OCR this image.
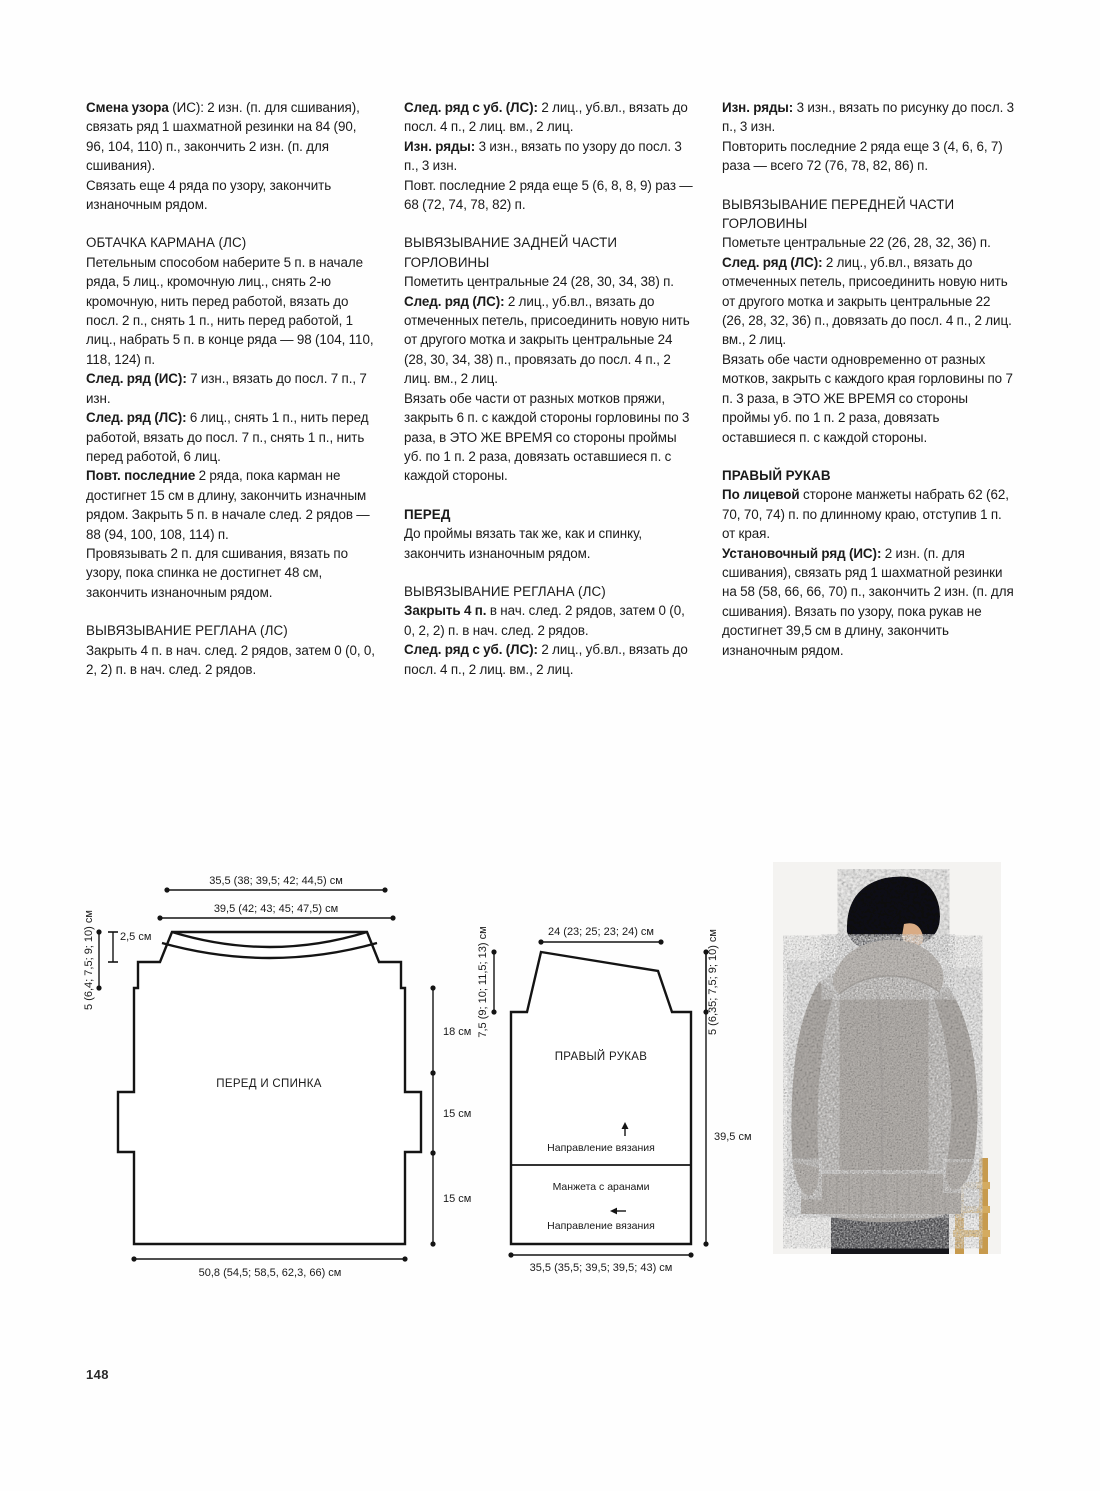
Смена узора (ИС): 2 изн. (п. для сшивания), связать ряд 1 шахматной резинки на 84 (90, 96, 104, 110) п., закончить 2 изн. (п. для сшивания).

Связать еще 4 ряда по узору, закончить изнаночным рядом.

ОБТАЧКА КАРМАНА (ЛС)

Петельным способом наберите 5 п. в начале ряда, 5 лиц., кромочную лиц., снять 2-ю кромочную, нить перед работой, вязать до посл. 2 п., снять 1 п., нить перед работой, 1 лиц., набрать 5 п. в конце ряда — 98 (104, 110, 118, 124) п.

След. ряд (ИС): 7 изн., вязать до посл. 7 п., 7 изн.

След. ряд (ЛС): 6 лиц., снять 1 п., нить перед работой, вязать до посл. 7 п., снять 1 п., нить перед работой, 6 лиц.

Повт. последние 2 ряда, пока карман не достигнет 15 см в длину, закончить изначным рядом. Закрыть 5 п. в начале след. 2 рядов — 88 (94, 100, 108, 114) п.

Провязывать 2 п. для сшивания, вязать по узору, пока спинка не достигнет 48 см, закончить изнаночным рядом.

ВЫВЯЗЫВАНИЕ РЕГЛАНА (ЛС)

Закрыть 4 п. в нач. след. 2 рядов, затем 0 (0, 0, 2, 2) п. в нач. след. 2 рядов.

След. ряд с уб. (ЛС): 2 лиц., уб.вл., вязать до посл. 4 п., 2 лиц. вм., 2 лиц.

Изн. ряды: 3 изн., вязать по узору до посл. 3 п., 3 изн.

Повт. последние 2 ряда еще 5 (6, 8, 8, 9) раз — 68 (72, 74, 78, 82) п.

ВЫВЯЗЫВАНИЕ ЗАДНЕЙ ЧАСТИ ГОРЛОВИНЫ

Пометить центральные 24 (28, 30, 34, 38) п.

След. ряд (ЛС): 2 лиц., уб.вл., вязать до отмеченных петель, присоединить новую нить от другого мотка и закрыть центральные 24 (28, 30, 34, 38) п., провязать до посл. 4 п., 2 лиц. вм., 2 лиц.

Вязать обе части от разных мотков пряжи, закрыть 6 п. с каждой стороны горловины по 3 раза, в ЭТО ЖЕ ВРЕМЯ со стороны проймы уб. по 1 п. 2 раза, довязать оставшиеся п. с каждой стороны.

ПЕРЕД

До проймы вязать так же, как и спинку, закончить изнаночным рядом.

ВЫВЯЗЫВАНИЕ РЕГЛАНА (ЛС)

Закрыть 4 п. в нач. след. 2 рядов, затем 0 (0, 0, 2, 2) п. в нач. след. 2 рядов.

След. ряд с уб. (ЛС): 2 лиц., уб.вл., вязать до посл. 4 п., 2 лиц. вм., 2 лиц.

Изн. ряды: 3 изн., вязать по рисунку до посл. 3 п., 3 изн.

Повторить последние 2 ряда еще 3 (4, 6, 6, 7) раза — всего 72 (76, 78, 82, 86) п.

ВЫВЯЗЫВАНИЕ ПЕРЕДНЕЙ ЧАСТИ ГОРЛОВИНЫ

Пометьте центральные 22 (26, 28, 32, 36) п.

След. ряд (ЛС): 2 лиц., уб.вл., вязать до отмеченных петель, присоединить новую нить от другого мотка и закрыть центральные 22 (26, 28, 32, 36) п., довязать до посл. 4 п., 2 лиц. вм., 2 лиц.

Вязать обе части одновременно от разных мотков, закрыть с каждого края горловины по 7 п. 3 раза, в ЭТО ЖЕ ВРЕМЯ со стороны проймы уб. по 1 п. 2 раза, довязать оставшиеся п. с каждой стороны.

ПРАВЫЙ РУКАВ

По лицевой стороне манжеты набрать 62 (62, 70, 70, 74) п. по длинному краю, отступив 1 п. от края.

Установочный ряд (ИС): 2 изн. (п. для сшивания), связать ряд 1 шахматной резинки на 58 (58, 66, 66, 70) п., закончить 2 изн. (п. для сшивания). Вязать по узору, пока рукав не достигнет 39,5 см в длину, закончить изнаночным рядом.

35,5 (38; 39,5; 42; 44,5) см
39,5 (42; 43; 45; 47,5) см
2,5 см
5 (6,4; 7,5; 9; 10) см
18 см
15 см
15 см
50,8 (54,5; 58,5, 62,3, 66) см
ПЕРЕД И СПИНКА
24 (23; 25; 23; 24) см
7,5 (9; 10; 11,5; 13) см	5 (6,35; 7,5; 9; 10) см
39,5 см
35,5 (35,5; 39,5; 39,5; 43) см
ПРАВЫЙ РУКАВ
Направление вязания
Манжета с аранами
Направление вязания
148
